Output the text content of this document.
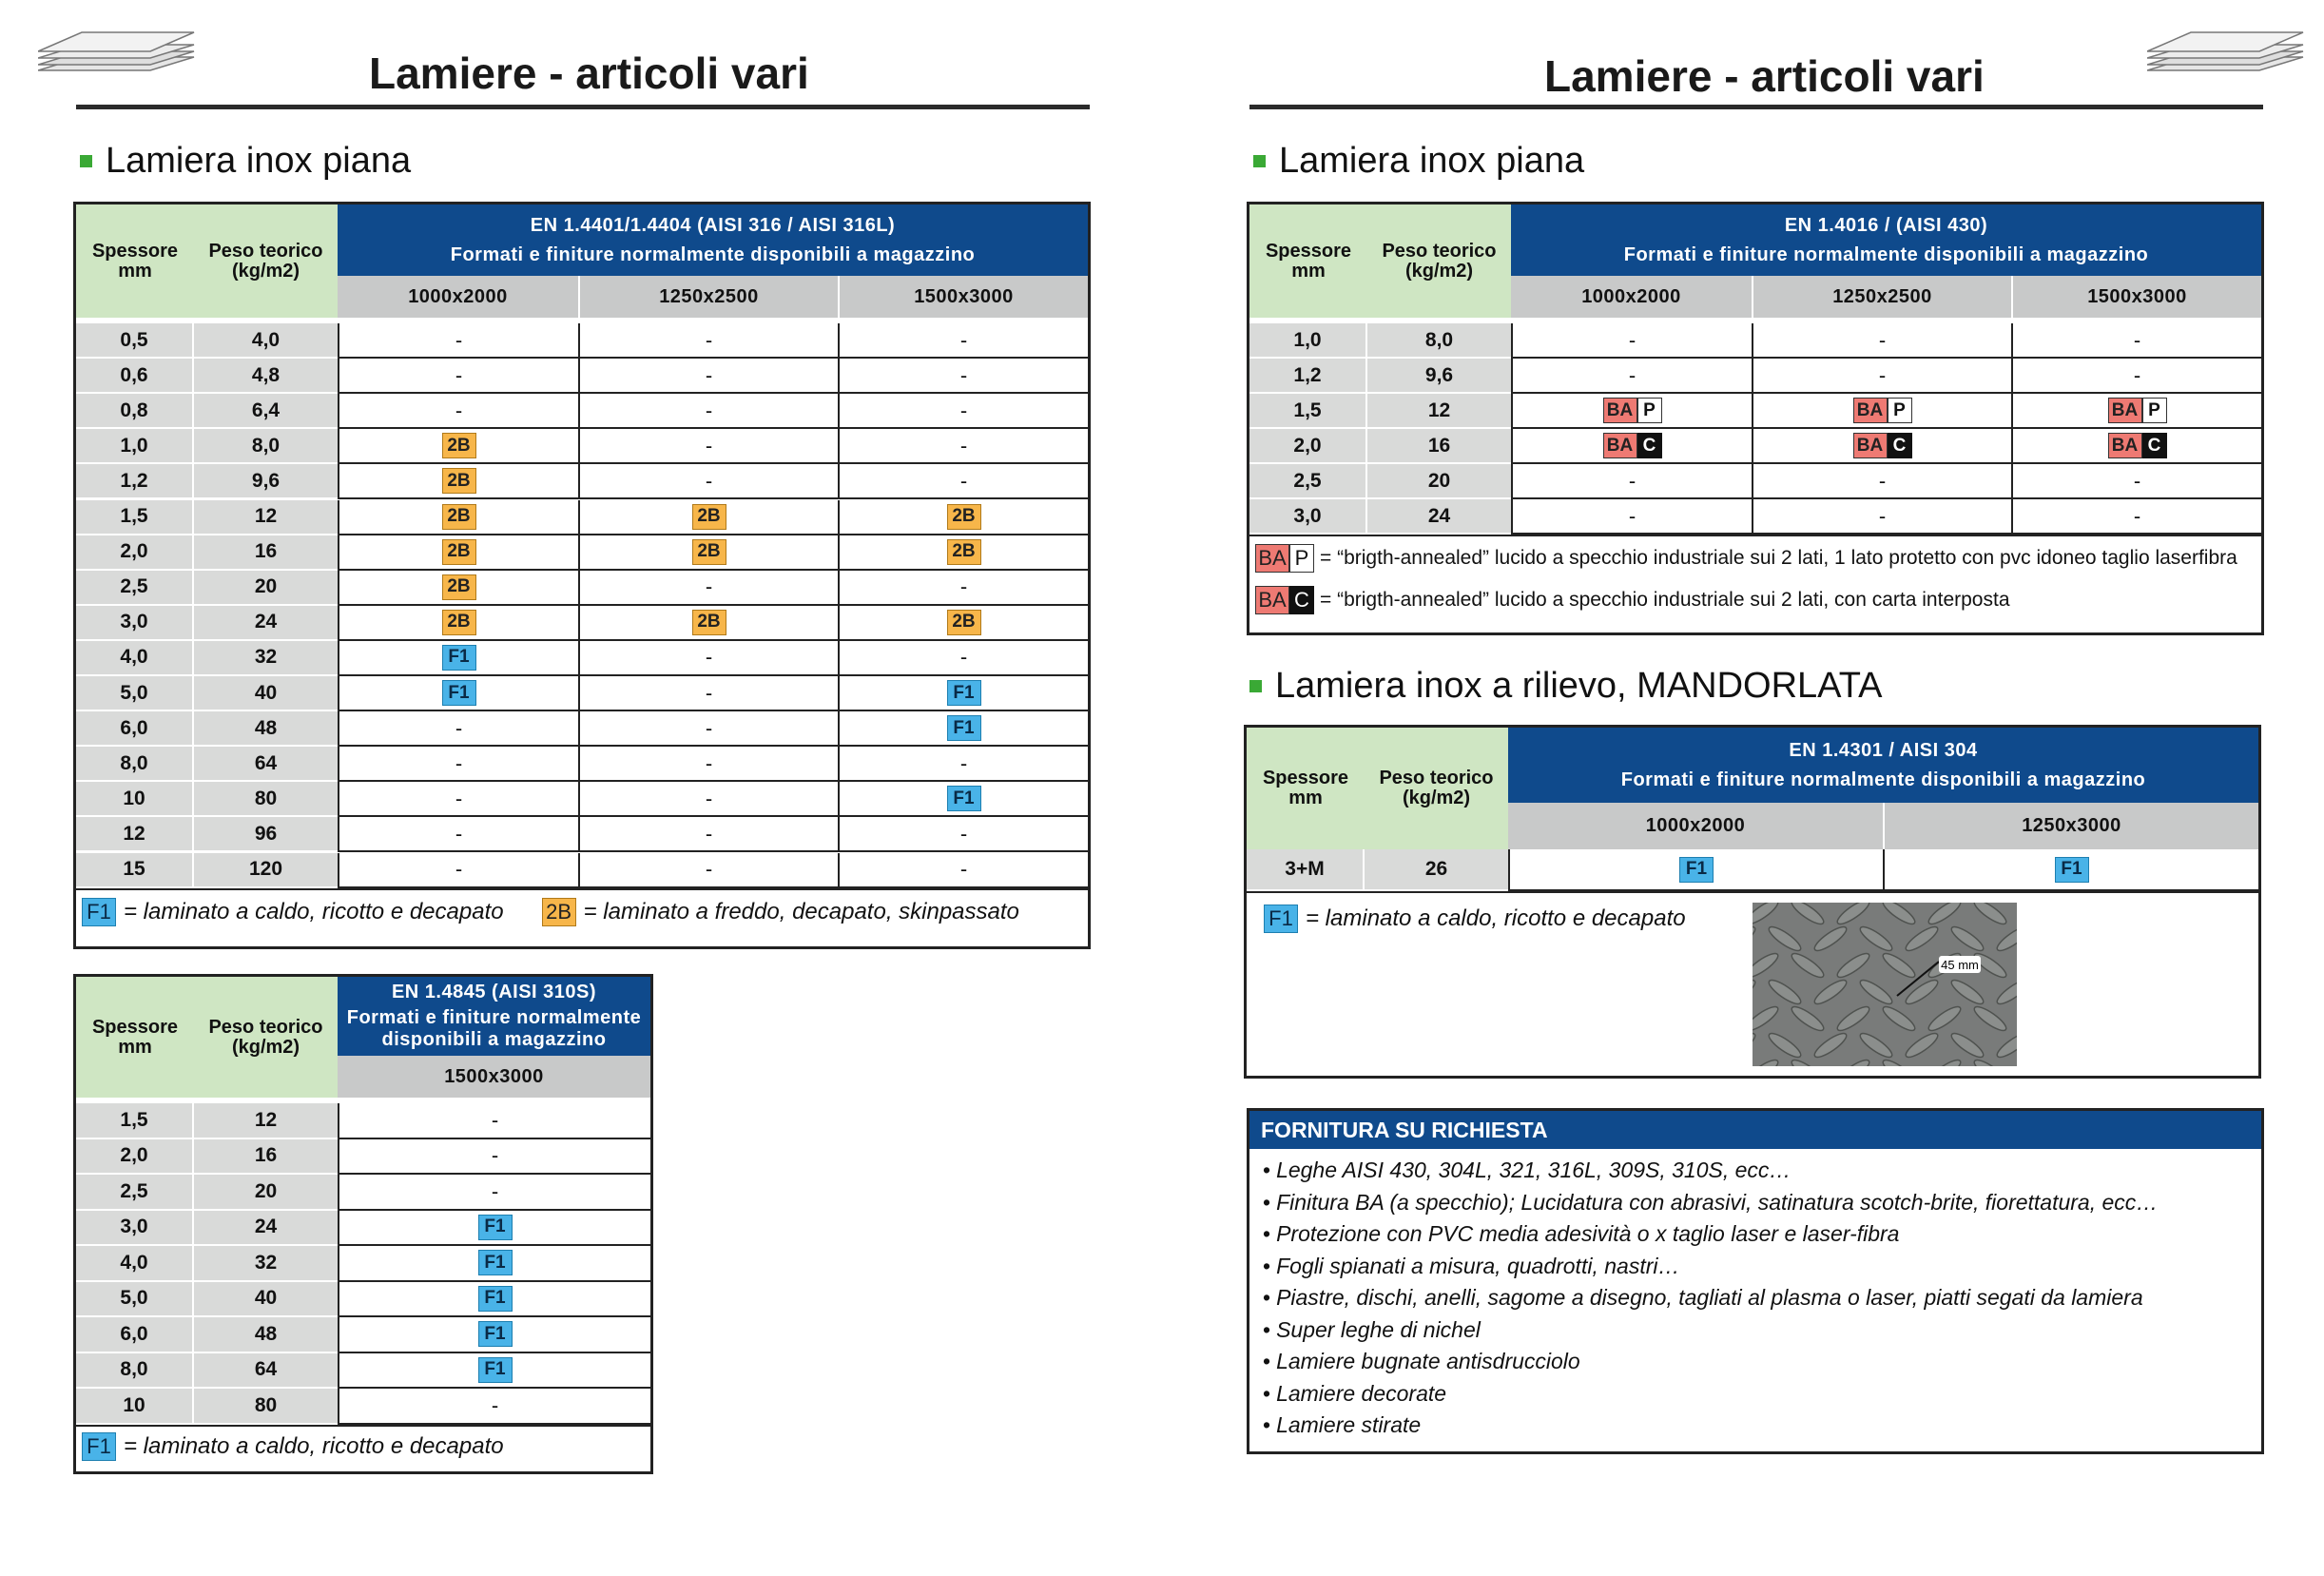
Lamiere - articoli vari
Lamiera inox piana
Spessore
mm
Peso teorico
(kg/m2)
EN 1.4401/1.4404 (AISI 316 / AISI 316L)
Formati e finiture normalmente disponibili a magazzino
1000x2000	1250x2500	1500x3000
0,5	4,0	-	-	-
0,6	4,8	-	-	-
0,8	6,4	-	-	-
1,0	8,0	2B	-	-
1,2	9,6	2B	-	-
1,5	12	2B	2B	2B
2,0	16	2B	2B	2B
2,5	20	2B	-	-
3,0	24	2B	2B	2B
4,0	32	F1	-	-
5,0	40	F1	-	F1
6,0	48	-	-	F1
8,0	64	-	-	-
10	80	-	-	F1
12	96	-	-	-
15	120	-	-	-
F1 = laminato a caldo, ricotto e decapato 2B = laminato a freddo, decapato, skinpassato
Spessore
mm
Peso teorico
(kg/m2)
EN 1.4845 (AISI 310S)
Formati e finiture normalmente
disponibili a magazzino
1500x3000
1,5	12	-
2,0	16	-
2,5	20	-
3,0	24	F1
4,0	32	F1
5,0	40	F1
6,0	48	F1
8,0	64	F1
10	80	-
F1 = laminato a caldo, ricotto e decapato
Lamiere - articoli vari
Lamiera inox piana
Spessore
mm
Peso teorico
(kg/m2)
EN 1.4016 / (AISI 430)
Formati e finiture normalmente disponibili a magazzino
1000x2000	1250x2500	1500x3000
1,0	8,0	-	-	-
1,2	9,6	-	-	-
1,5	12	BA P	BA P	BA P
2,0	16	BA C	BA C	BA C
2,5	20	-	-	-
3,0	24	-	-	-
BA P = “brigth-annealed” lucido a specchio industriale sui 2 lati, 1 lato protetto con pvc idoneo taglio laserfibra
BA C = “brigth-annealed” lucido a specchio industriale sui 2 lati, con carta interposta
Lamiera inox a rilievo, MANDORLATA
Spessore
mm
Peso teorico
(kg/m2)
EN 1.4301 / AISI 304
Formati e finiture normalmente disponibili a magazzino
1000x2000	1250x3000
3+M	26	F1	F1
F1 = laminato a caldo, ricotto e decapato
45 mm
FORNITURA SU RICHIESTA
• Leghe AISI 430, 304L, 321, 316L, 309S, 310S, ecc…
• Finitura BA (a specchio); Lucidatura con abrasivi, satinatura scotch-brite, fiorettatura, ecc…
• Protezione con PVC media adesività o x taglio laser e laser-fibra
• Fogli spianati a misura, quadrotti, nastri…
• Piastre, dischi, anelli, sagome a disegno, tagliati al plasma o laser, piatti segati da lamiera
• Super leghe di nichel
• Lamiere bugnate antisdrucciolo
• Lamiere decorate
• Lamiere stirate
